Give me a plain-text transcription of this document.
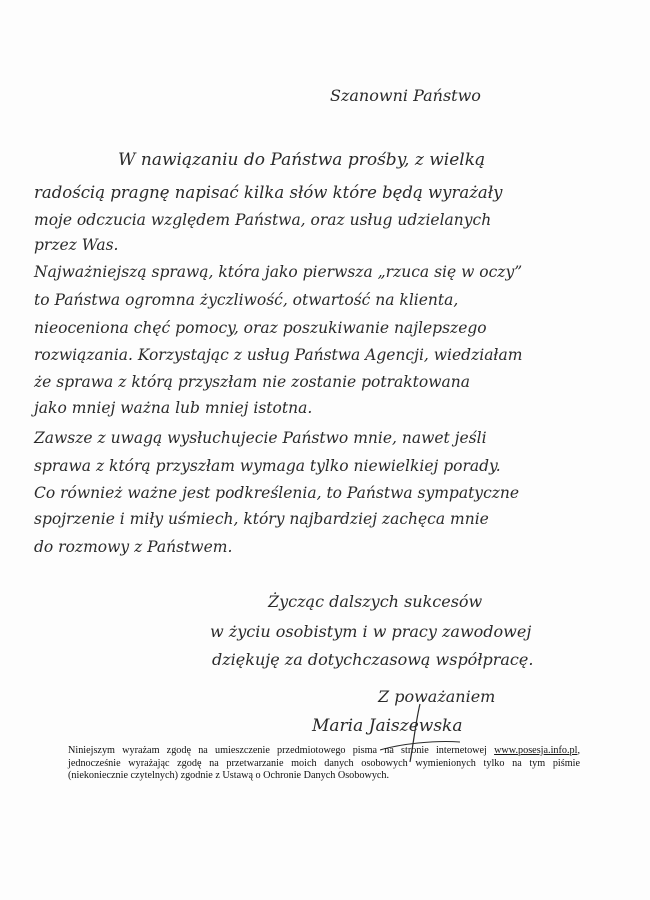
Szanowni Państwo
W nawiązaniu do Państwa prośby, z wielką
radością pragnę napisać kilka słów które będą wyrażały
moje odczucia względem Państwa, oraz usług udzielanych
przez Was.
Najważniejszą sprawą, która jako pierwsza „rzuca się w oczy”
to Państwa ogromna życzliwość, otwartość na klienta,
nieoceniona chęć pomocy, oraz poszukiwanie najlepszego
rozwiązania. Korzystając z usług Państwa Agencji, wiedziałam
że sprawa z którą przyszłam nie zostanie potraktowana
jako mniej ważna lub mniej istotna.
Zawsze z uwagą wysłuchujecie Państwo mnie, nawet jeśli
sprawa z którą przyszłam wymaga tylko niewielkiej porady.
Co również ważne jest podkreślenia, to Państwa sympatyczne
spojrzenie i miły uśmiech, który najbardziej zachęca mnie
do rozmowy z Państwem.
Życząc dalszych sukcesów
w życiu osobistym i w pracy zawodowej
dziękuję za dotychczasową współpracę.
Z poważaniem
Maria Jaiszewska
Niniejszym wyrażam zgodę na umieszczenie przedmiotowego pisma na stronie internetowej www.posesja.info.pl, jednocześnie wyrażając zgodę na przetwarzanie moich danych osobowych wymienionych tylko na tym piśmie (niekoniecznie czytelnych) zgodnie z Ustawą o Ochronie Danych Osobowych.
